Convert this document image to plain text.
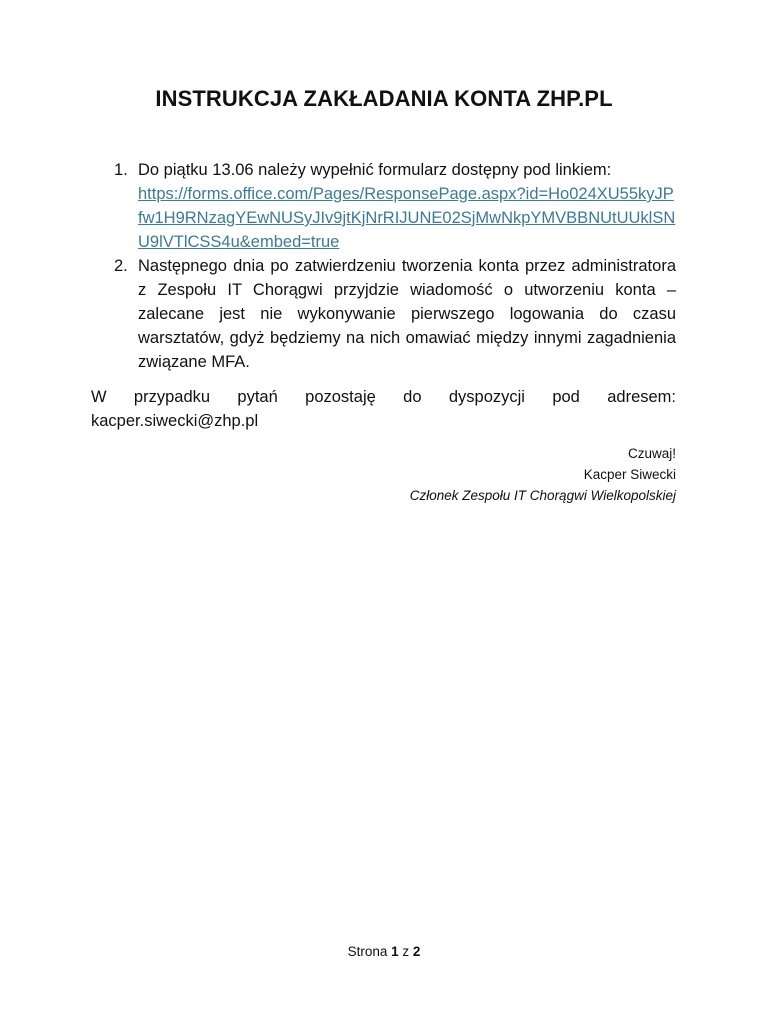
INSTRUKCJA ZAKŁADANIA KONTA ZHP.PL
1. Do piątku 13.06 należy wypełnić formularz dostępny pod linkiem:
https://forms.office.com/Pages/ResponsePage.aspx?id=Ho024XU55kyJPfw1H9RNzagYEwNUSyJIv9jtKjNrRIJUNE02SjMwNkpYMVBBNUtUUklSNU9lVTlCSS4u&embed=true
2. Następnego dnia po zatwierdzeniu tworzenia konta przez administratora z Zespołu IT Chorągwi przyjdzie wiadomość o utworzeniu konta – zalecane jest nie wykonywanie pierwszego logowania do czasu warsztatów, gdyż będziemy na nich omawiać między innymi zagadnienia związane MFA.
W przypadku pytań pozostaję do dyspozycji pod adresem:
kacper.siwecki@zhp.pl
Czuwaj!
Kacper Siwecki
Członek Zespołu IT Chorągwi Wielkopolskiej
Strona 1 z 2
